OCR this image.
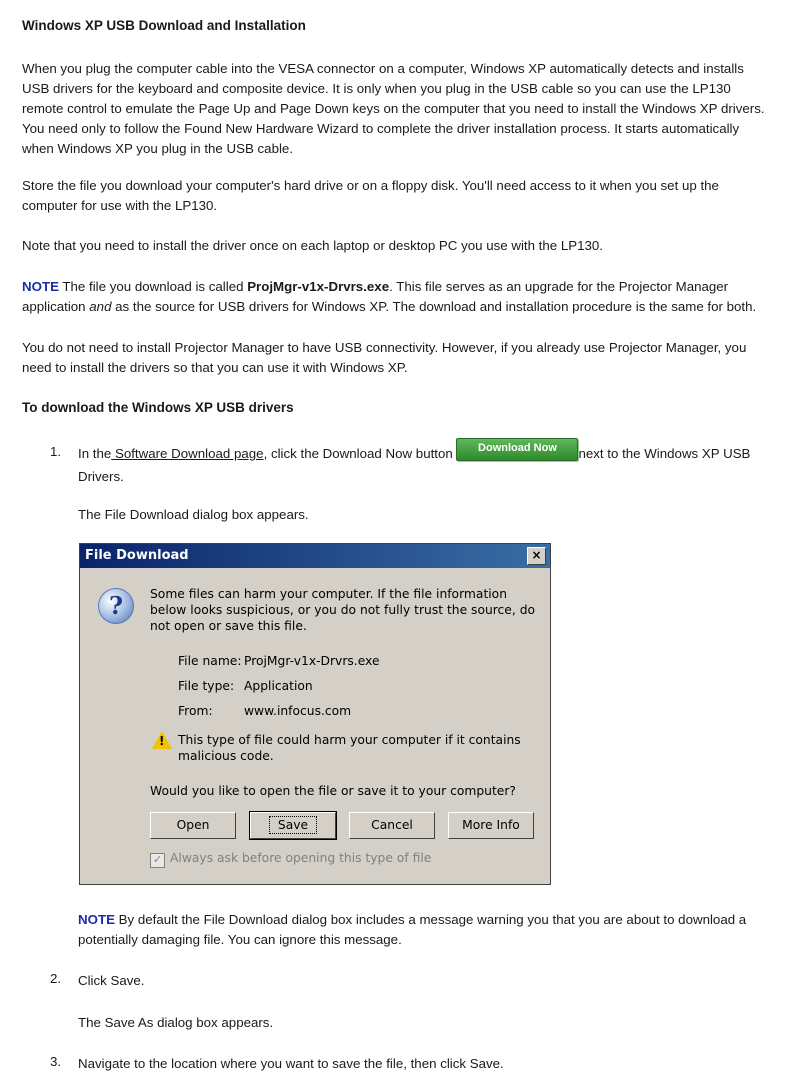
Windows XP USB Download and Installation

When you plug the computer cable into the VESA connector on a computer, Windows XP automatically detects and installs USB drivers for the keyboard and composite device. It is only when you plug in the USB cable so you can use the LP130 remote control to emulate the Page Up and Page Down keys on the computer that you need to install the Windows XP drivers. You need only to follow the Found New Hardware Wizard to complete the driver installation process. It starts automatically when Windows XP you plug in the USB cable.

Store the file you download your computer's hard drive or on a floppy disk. You'll need access to it when you set up the computer for use with the LP130.

Note that you need to install the driver once on each laptop or desktop PC you use with the LP130.

NOTE The file you download is called ProjMgr-v1x-Drvrs.exe. This file serves as an upgrade for the Projector Manager application and as the source for USB drivers for Windows XP. The download and installation procedure is the same for both.

You do not need to install Projector Manager to have USB connectivity. However, if you already use Projector Manager, you need to install the drivers so that you can use it with Windows XP.

To download the Windows XP USB drivers
1. In the Software Download page, click the Download Now button Download Now next to the Windows XP USB Drivers.
The File Download dialog box appears.
File Download	×
?	Some files can harm your computer. If the file information below looks suspicious, or you do not fully trust the source, do not open or save this file.
File name: ProjMgr-v1x-Drvrs.exe
File type: Application
From:	www.infocus.com
! This type of file could harm your computer if it contains malicious code.
Would you like to open the file or save it to your computer?
Open	Save	Cancel	More Info
✓ Always ask before opening this type of file
NOTE By default the File Download dialog box includes a message warning you that you are about to download a potentially damaging file. You can ignore this message.
2. Click Save.
The Save As dialog box appears.
3. Navigate to the location where you want to save the file, then click Save.
